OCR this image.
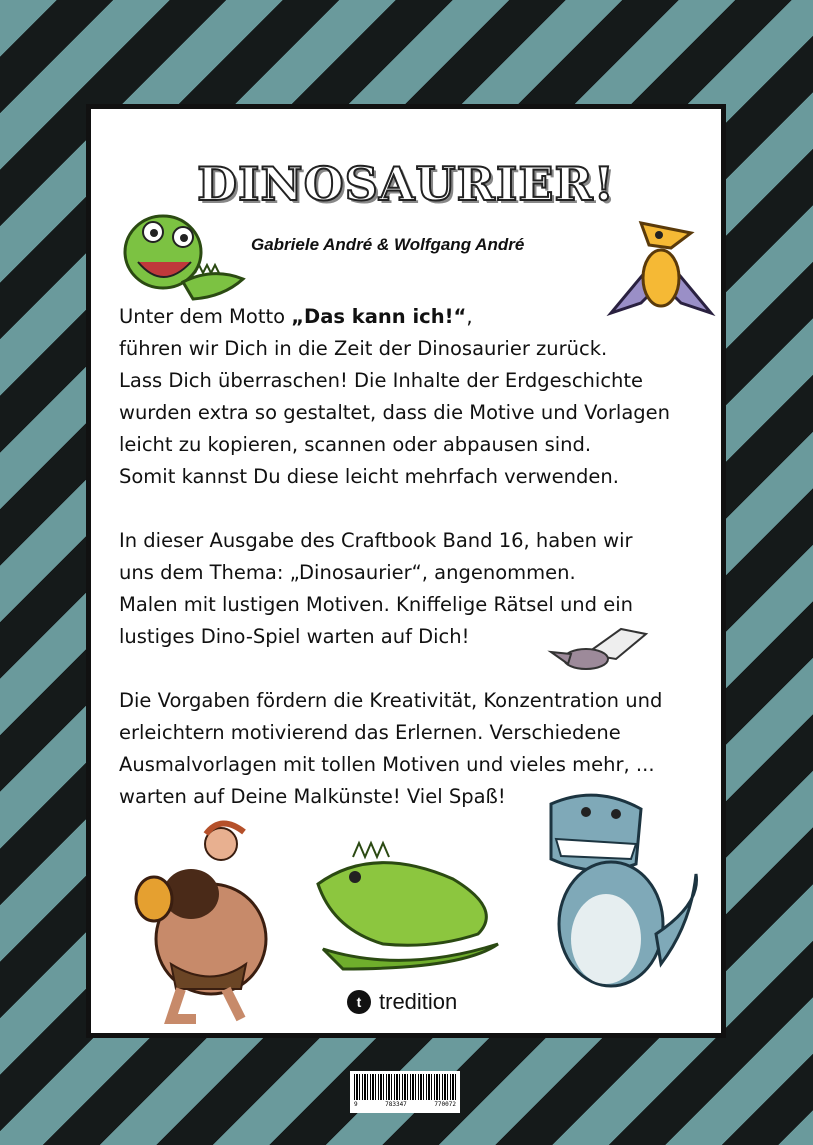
DINOSAURIER!
Gabriele André & Wolfgang André

Unter dem Motto „Das kann ich!“,

führen wir Dich in die Zeit der Dinosaurier zurück.

Lass Dich überraschen! Die Inhalte der Erdgeschichte

wurden extra so gestaltet, dass die Motive und Vorlagen

leicht zu kopieren, scannen oder abpausen sind.

Somit kannst Du diese leicht mehrfach verwenden.

In dieser Ausgabe des Craftbook Band 16, haben wir

uns dem Thema: „Dinosaurier“, angenommen.

Malen mit lustigen Motiven. Kniffelige Rätsel und ein

lustiges Dino-Spiel warten auf Dich!

Die Vorgaben fördern die Kreativität, Konzentration und

erleichtern motivierend das Erlernen. Verschiedene

Ausmalvorlagen mit tollen Motiven und vieles mehr, ...

warten auf Deine Malkünste! Viel Spaß!

t tredition
9	783347	770072
